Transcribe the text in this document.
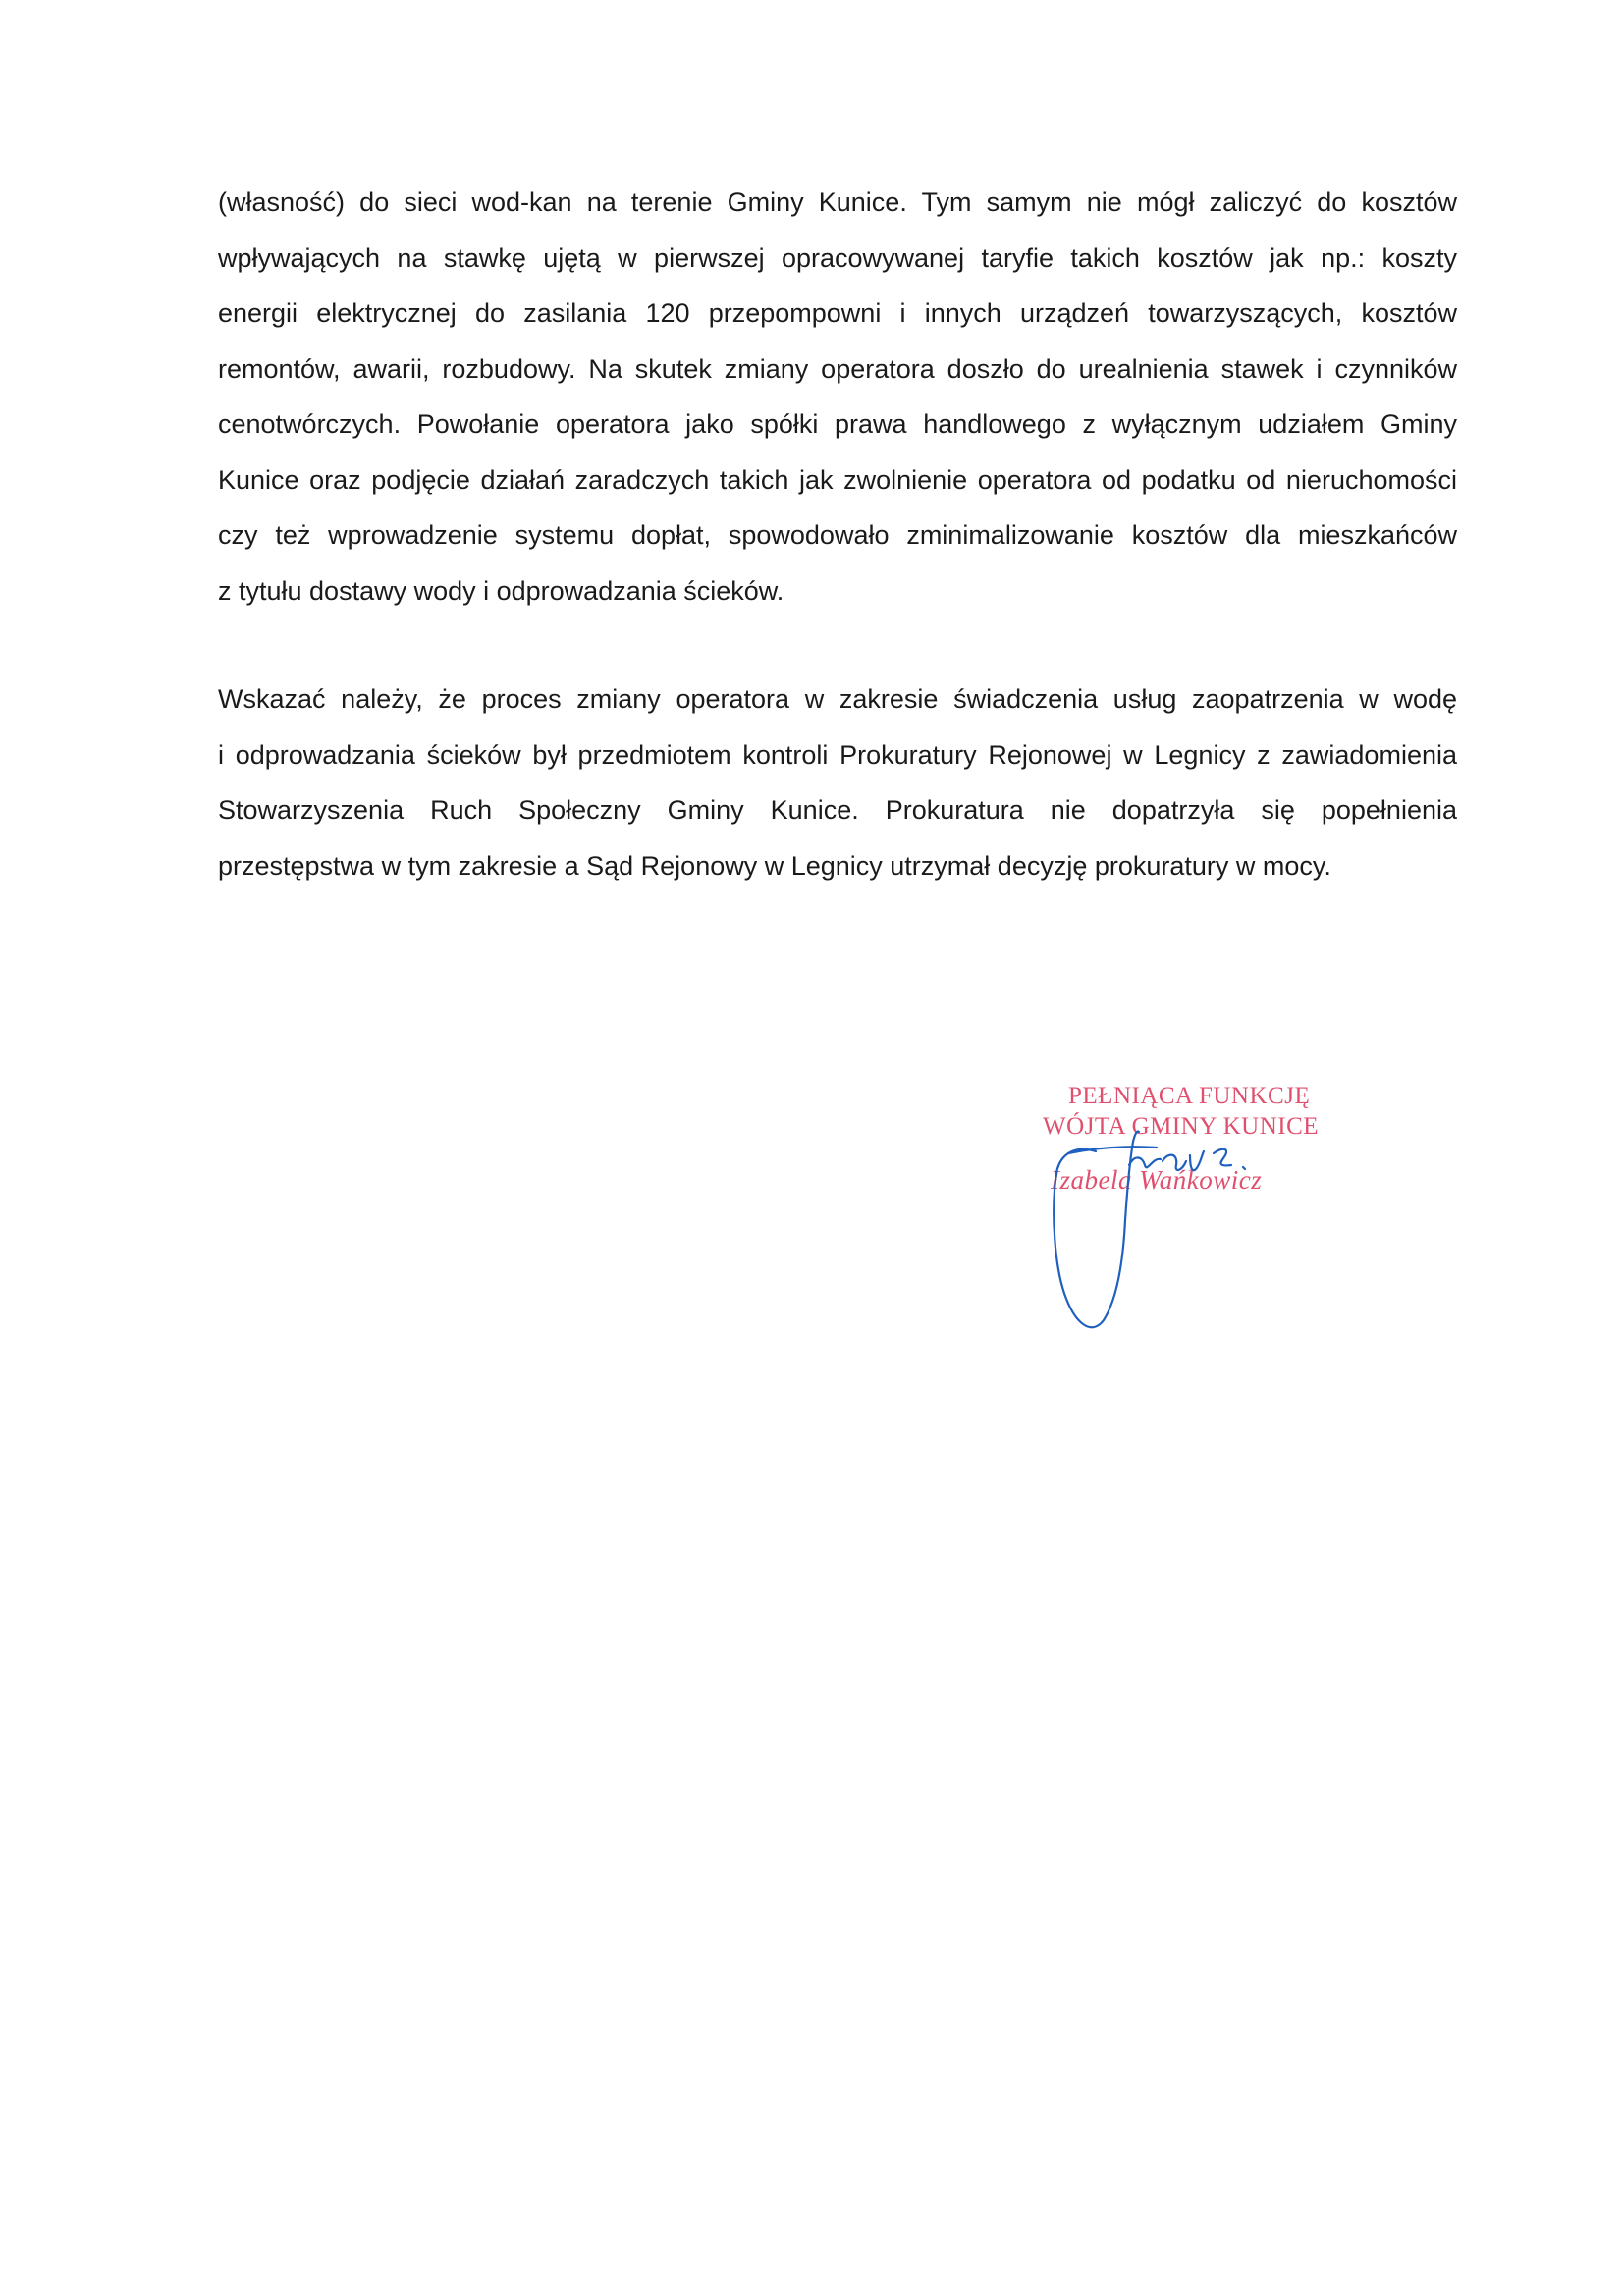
(własność) do sieci wod-kan na terenie Gminy Kunice. Tym samym nie mógł zaliczyć do kosztów
wpływających na stawkę ujętą w pierwszej opracowywanej taryfie takich kosztów jak np.: koszty
energii elektrycznej do zasilania 120 przepompowni i innych urządzeń towarzyszących, kosztów
remontów, awarii, rozbudowy. Na skutek zmiany operatora doszło do urealnienia stawek i czynników
cenotwórczych. Powołanie operatora jako spółki prawa handlowego z wyłącznym udziałem Gminy
Kunice oraz podjęcie działań zaradczych takich jak zwolnienie operatora od podatku od nieruchomości
czy też wprowadzenie systemu dopłat, spowodowało zminimalizowanie kosztów dla mieszkańców
z tytułu dostawy wody i odprowadzania ścieków.
Wskazać należy, że proces zmiany operatora w zakresie świadczenia usług zaopatrzenia w wodę
i odprowadzania ścieków był przedmiotem kontroli Prokuratury Rejonowej w Legnicy z zawiadomienia
Stowarzyszenia Ruch Społeczny Gminy Kunice. Prokuratura nie dopatrzyła się popełnienia
przestępstwa w tym zakresie a Sąd Rejonowy w Legnicy utrzymał decyzję prokuratury w mocy.
PEŁNIĄCA FUNKCJĘ
WÓJTA GMINY KUNICE
Izabela Wańkowicz
